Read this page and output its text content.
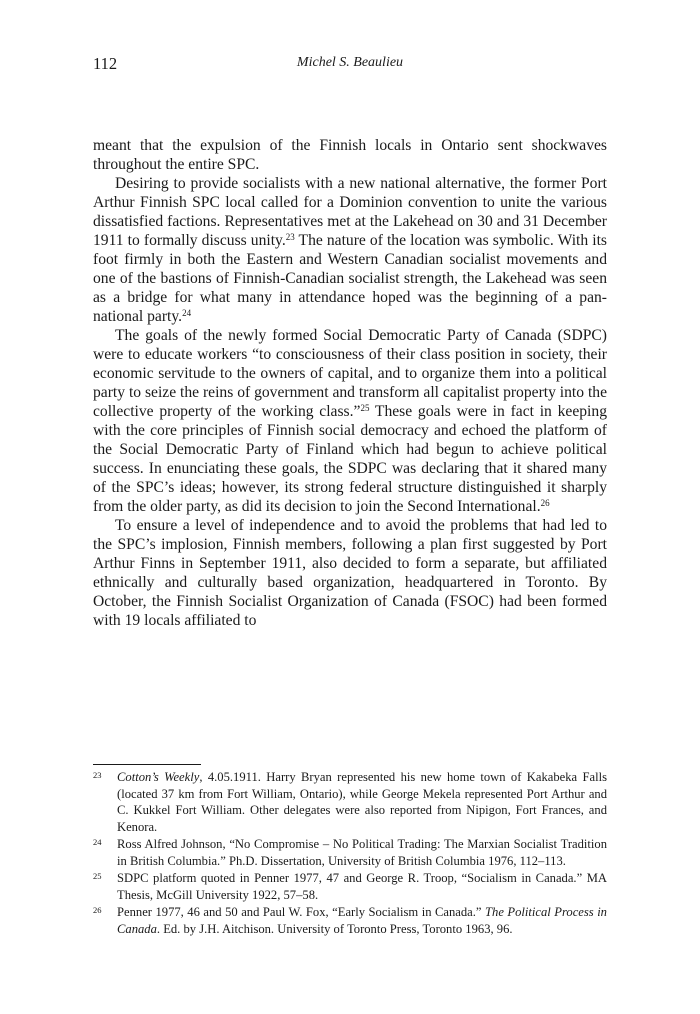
112	Michel S. Beaulieu

meant that the expulsion of the Finnish locals in Ontario sent shockwaves throughout the entire SPC.

Desiring to provide socialists with a new national alternative, the former Port Arthur Finnish SPC local called for a Dominion convention to unite the various dissatisfied factions. Representatives met at the Lakehead on 30 and 31 December 1911 to formally discuss unity.$^{23}$ The nature of the location was symbolic. With its foot firmly in both the Eastern and Western Canadian socialist movements and one of the bastions of Finnish-Canadian socialist strength, the Lakehead was seen as a bridge for what many in attendance hoped was the beginning of a pan-national party.$^{24}$

The goals of the newly formed Social Democratic Party of Canada (SDPC) were to educate workers “to consciousness of their class position in society, their economic servitude to the owners of capital, and to organize them into a political party to seize the reins of government and transform all capitalist property into the collective property of the working class.”$^{25}$ These goals were in fact in keeping with the core principles of Finnish social democracy and echoed the platform of the Social Democratic Party of Finland which had begun to achieve political success. In enunciating these goals, the SDPC was declaring that it shared many of the SPC’s ideas; however, its strong federal structure distinguished it sharply from the older party, as did its decision to join the Second International.$^{26}$

To ensure a level of independence and to avoid the problems that had led to the SPC’s implosion, Finnish members, following a plan first suggested by Port Arthur Finns in September 1911, also decided to form a separate, but affiliated ethnically and culturally based organization, headquartered in Toronto. By October, the Finnish Socialist Organization of Canada (FSOC) had been formed with 19 locals affiliated to

23	Cotton’s Weekly, 4.05.1911. Harry Bryan represented his new home town of Kakabeka Falls (located 37 km from Fort William, Ontario), while George Mekela represented Port Arthur and C. Kukkel Fort William. Other delegates were also reported from Nipigon, Fort Frances, and Kenora.
24	Ross Alfred Johnson, “No Compromise – No Political Trading: The Marxian Socialist Tradition in British Columbia.” Ph.D. Dissertation, University of British Columbia 1976, 112–113.
25	SDPC platform quoted in Penner 1977, 47 and George R. Troop, “Socialism in Canada.” MA Thesis, McGill University 1922, 57–58.
26	Penner 1977, 46 and 50 and Paul W. Fox, “Early Socialism in Canada.” The Political Process in Canada. Ed. by J.H. Aitchison. University of Toronto Press, Toronto 1963, 96.
